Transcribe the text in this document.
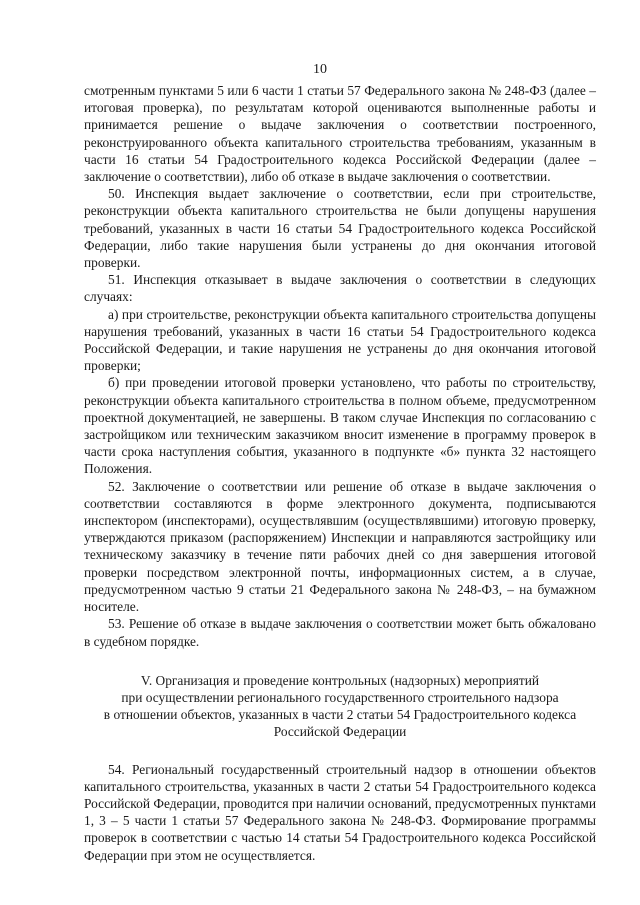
10

смотренным пунктами 5 или 6 части 1 статьи 57 Федерального закона № 248-ФЗ (далее – итоговая проверка), по результатам которой оцениваются выполненные работы и принимается решение о выдаче заключения о соответствии построенного, реконструированного объекта капитального строительства требованиям, указанным в части 16 статьи 54 Градостроительного кодекса Российской Федерации (далее – заключение о соответствии), либо об отказе в выдаче заключения о соответствии.

50. Инспекция выдает заключение о соответствии, если при строительстве, реконструкции объекта капитального строительства не были допущены нарушения требований, указанных в части 16 статьи 54 Градостроительного кодекса Российской Федерации, либо такие нарушения были устранены до дня окончания итоговой проверки.

51. Инспекция отказывает в выдаче заключения о соответствии в следующих случаях:

а) при строительстве, реконструкции объекта капитального строительства допущены нарушения требований, указанных в части 16 статьи 54 Градостроительного кодекса Российской Федерации, и такие нарушения не устранены до дня окончания итоговой проверки;

б) при проведении итоговой проверки установлено, что работы по строительству, реконструкции объекта капитального строительства в полном объеме, предусмотренном проектной документацией, не завершены. В таком случае Инспекция по согласованию с застройщиком или техническим заказчиком вносит изменение в программу проверок в части срока наступления события, указанного в подпункте «б» пункта 32 настоящего Положения.

52. Заключение о соответствии или решение об отказе в выдаче заключения о соответствии составляются в форме электронного документа, подписываются инспектором (инспекторами), осуществлявшим (осуществлявшими) итоговую проверку, утверждаются приказом (распоряжением) Инспекции и направляются застройщику или техническому заказчику в течение пяти рабочих дней со дня завершения итоговой проверки посредством электронной почты, информационных систем, а в случае, предусмотренном частью 9 статьи 21 Федерального закона № 248-ФЗ, – на бумажном носителе.

53. Решение об отказе в выдаче заключения о соответствии может быть обжаловано в судебном порядке.

V. Организация и проведение контрольных (надзорных) мероприятий
при осуществлении регионального государственного строительного надзора
в отношении объектов, указанных в части 2 статьи 54 Градостроительного кодекса
Российской Федерации

54. Региональный государственный строительный надзор в отношении объектов капитального строительства, указанных в части 2 статьи 54 Градостроительного кодекса Российской Федерации, проводится при наличии оснований, предусмотренных пунктами 1, 3 – 5 части 1 статьи 57 Федерального закона № 248-ФЗ. Формирование программы проверок в соответствии с частью 14 статьи 54 Градостроительного кодекса Российской Федерации при этом не осуществляется.
